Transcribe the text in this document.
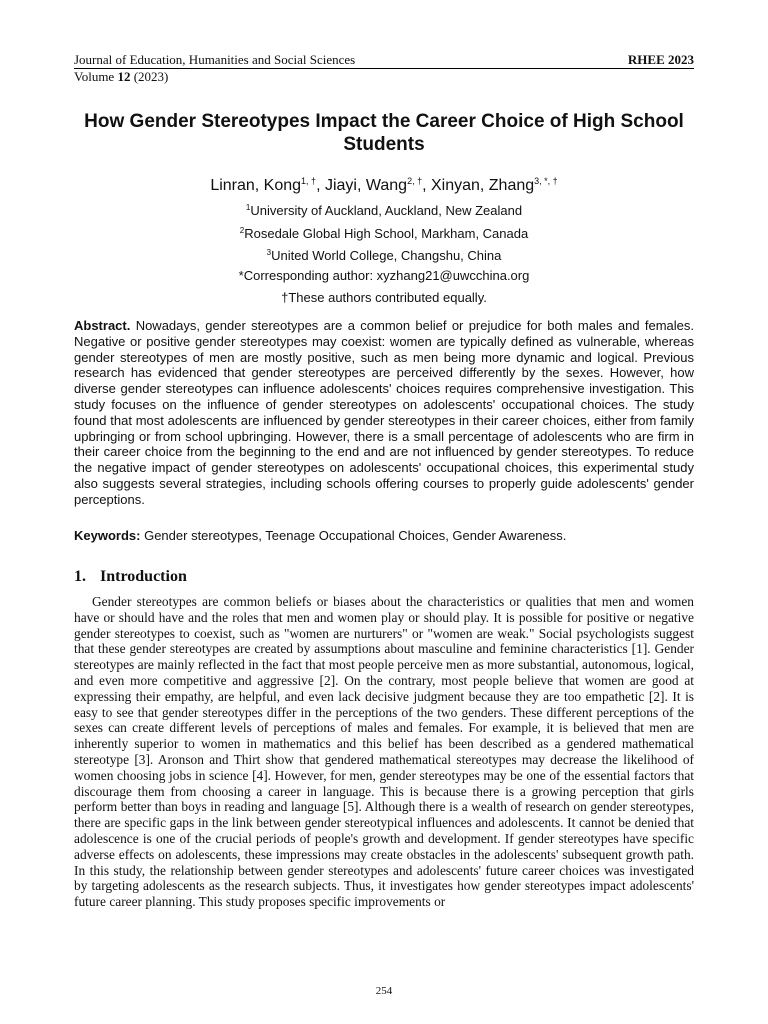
Journal of Education, Humanities and Social Sciences	RHEE 2023
Volume 12 (2023)
How Gender Stereotypes Impact the Career Choice of High School Students
Linran, Kong$^{1, \dagger}$, Jiayi, Wang$^{2, \dagger}$, Xinyan, Zhang$^{3, *, \dagger}$
$^1$University of Auckland, Auckland, New Zealand
$^2$Rosedale Global High School, Markham, Canada
$^3$United World College, Changshu, China
*Corresponding author: xyzhang21@uwcchina.org
†These authors contributed equally.
Abstract. Nowadays, gender stereotypes are a common belief or prejudice for both males and females. Negative or positive gender stereotypes may coexist: women are typically defined as vulnerable, whereas gender stereotypes of men are mostly positive, such as men being more dynamic and logical. Previous research has evidenced that gender stereotypes are perceived differently by the sexes. However, how diverse gender stereotypes can influence adolescents' choices requires comprehensive investigation. This study focuses on the influence of gender stereotypes on adolescents' occupational choices. The study found that most adolescents are influenced by gender stereotypes in their career choices, either from family upbringing or from school upbringing. However, there is a small percentage of adolescents who are firm in their career choice from the beginning to the end and are not influenced by gender stereotypes. To reduce the negative impact of gender stereotypes on adolescents' occupational choices, this experimental study also suggests several strategies, including schools offering courses to properly guide adolescents' gender perceptions.
Keywords: Gender stereotypes, Teenage Occupational Choices, Gender Awareness.
1. Introduction
Gender stereotypes are common beliefs or biases about the characteristics or qualities that men and women have or should have and the roles that men and women play or should play. It is possible for positive or negative gender stereotypes to coexist, such as "women are nurturers" or "women are weak." Social psychologists suggest that these gender stereotypes are created by assumptions about masculine and feminine characteristics [1]. Gender stereotypes are mainly reflected in the fact that most people perceive men as more substantial, autonomous, logical, and even more competitive and aggressive [2]. On the contrary, most people believe that women are good at expressing their empathy, are helpful, and even lack decisive judgment because they are too empathetic [2]. It is easy to see that gender stereotypes differ in the perceptions of the two genders. These different perceptions of the sexes can create different levels of perceptions of males and females. For example, it is believed that men are inherently superior to women in mathematics and this belief has been described as a gendered mathematical stereotype [3]. Aronson and Thirt show that gendered mathematical stereotypes may decrease the likelihood of women choosing jobs in science [4]. However, for men, gender stereotypes may be one of the essential factors that discourage them from choosing a career in language. This is because there is a growing perception that girls perform better than boys in reading and language [5]. Although there is a wealth of research on gender stereotypes, there are specific gaps in the link between gender stereotypical influences and adolescents. It cannot be denied that adolescence is one of the crucial periods of people's growth and development. If gender stereotypes have specific adverse effects on adolescents, these impressions may create obstacles in the adolescents' subsequent growth path. In this study, the relationship between gender stereotypes and adolescents' future career choices was investigated by targeting adolescents as the research subjects. Thus, it investigates how gender stereotypes impact adolescents' future career planning. This study proposes specific improvements or
254
